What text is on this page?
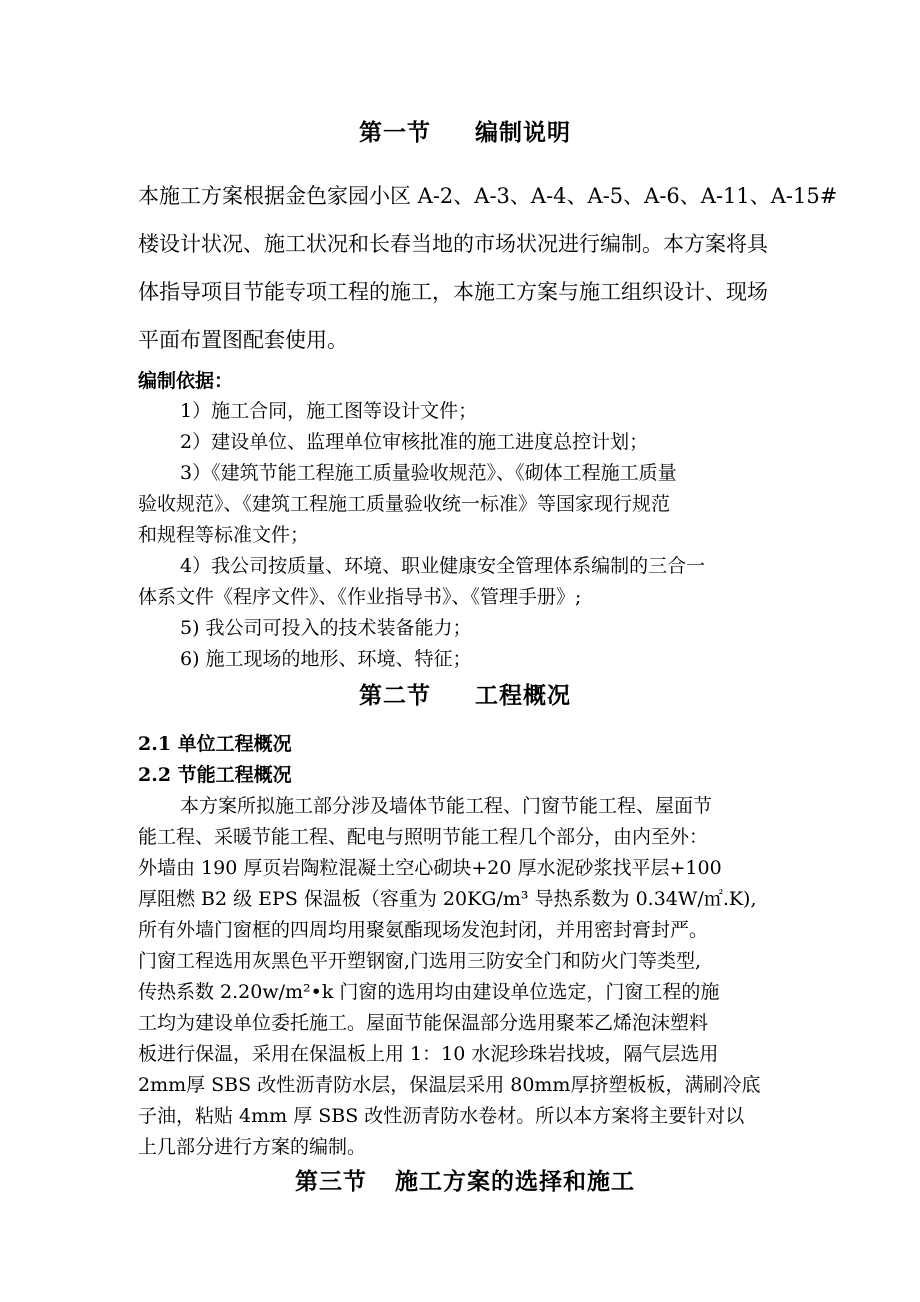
第一节 编制说明

本施工方案根据金色家园小区 A-2、A-3、A-4、A-5、A-6、A-11、A-15#
楼设计状况、施工状况和长春当地的市场状况进行编制。本方案将具
体指导项目节能专项工程的施工，本施工方案与施工组织设计、现场
平面布置图配套使用。

编制依据：
1）施工合同，施工图等设计文件；
2）建设单位、监理单位审核批准的施工进度总控计划；
3）《建筑节能工程施工质量验收规范》、《砌体工程施工质量
验收规范》、《建筑工程施工质量验收统一标准》等国家现行规范
和规程等标准文件；
4）我公司按质量、环境、职业健康安全管理体系编制的三合一
体系文件《程序文件》、《作业指导书》、《管理手册》;
5) 我公司可投入的技术装备能力；
6) 施工现场的地形、环境、特征；
第二节 工程概况
2.1 单位工程概况
2.2 节能工程概况
本方案所拟施工部分涉及墙体节能工程、门窗节能工程、屋面节
能工程、采暖节能工程、配电与照明节能工程几个部分，由内至外：
外墙由 190 厚页岩陶粒混凝土空心砌块+20 厚水泥砂浆找平层+100
厚阻燃 B2 级 EPS 保温板（容重为 20KG/m³ 导热系数为 0.34W/㎡.K),
所有外墙门窗框的四周均用聚氨酯现场发泡封闭，并用密封膏封严。
门窗工程选用灰黑色平开塑钢窗,门选用三防安全门和防火门等类型,
传热系数 2.20w/m²•k 门窗的选用均由建设单位选定，门窗工程的施
工均为建设单位委托施工。屋面节能保温部分选用聚苯乙烯泡沫塑料
板进行保温，采用在保温板上用 1：10 水泥珍珠岩找坡，隔气层选用
2mm厚 SBS 改性沥青防水层，保温层采用 80mm厚挤塑板板，满刷冷底
子油，粘贴 4mm 厚 SBS 改性沥青防水卷材。所以本方案将主要针对以
上几部分进行方案的编制。
第三节 施工方案的选择和施工
